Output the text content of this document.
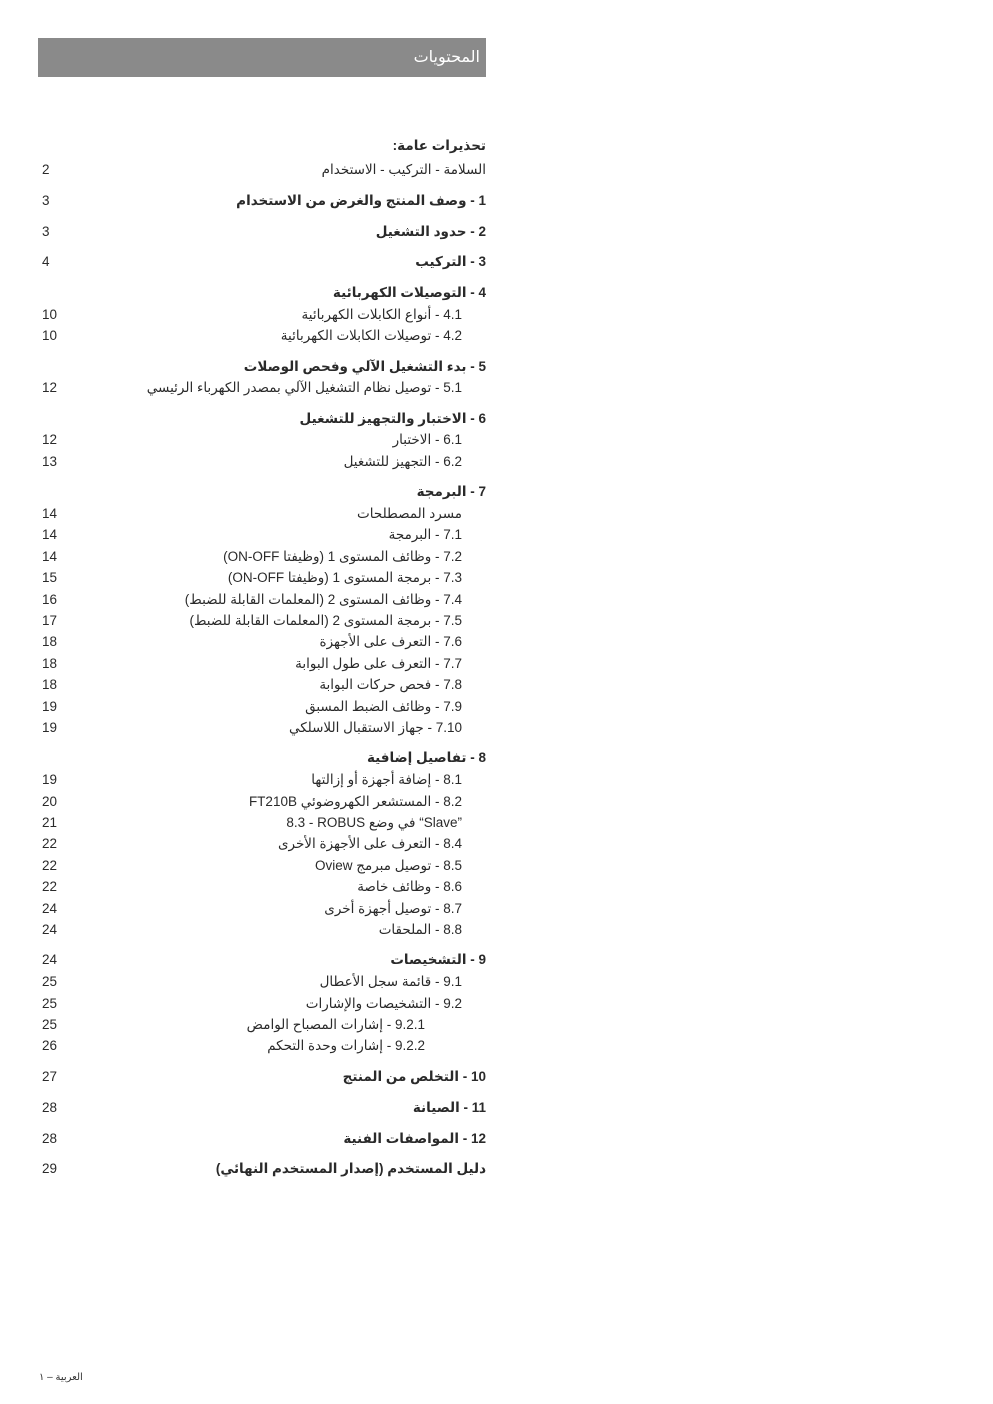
المحتويات
تحذيرات عامة:
السلامة - التركيب - الاستخدام
2
1 - وصف المنتج والغرض من الاستخدام
3
2 - حدود التشغيل
3
3 - التركيب
4
4 - التوصيلات الكهربائية
4.1 - أنواع الكابلات الكهربائية
10
4.2 - توصيلات الكابلات الكهربائية
10
5 - بدء التشغيل الآلي وفحص الوصلات
5.1 - توصيل نظام التشغيل الآلي بمصدر الكهرباء الرئيسي
12
6 - الاختبار والتجهيز للتشغيل
6.1 - الاختبار
12
6.2 - التجهيز للتشغيل
13
7 - البرمجة
مسرد المصطلحات
14
7.1 - البرمجة
14
7.2 - وظائف المستوى 1 (وظيفتا ON-OFF)
14
7.3 - برمجة المستوى 1 (وظيفتا ON-OFF)
15
7.4 - وظائف المستوى 2 (المعلمات القابلة للضبط)
16
7.5 - برمجة المستوى 2 (المعلمات القابلة للضبط)
17
7.6 - التعرف على الأجهزة
18
7.7 - التعرف على طول البوابة
18
7.8 - فحص حركات البوابة
18
7.9 - وظائف الضبط المسبق
19
7.10 - جهاز الاستقبال اللاسلكي
19
8 - تفاصيل إضافية
8.1 - إضافة أجهزة أو إزالتها
19
8.2 - المستشعر الكهروضوئي FT210B
20
8.3 - ROBUS في وضع “Slave”
21
8.4 - التعرف على الأجهزة الأخرى
22
8.5 - توصيل مبرمج Oview
22
8.6 - وظائف خاصة
22
8.7 - توصيل أجهزة أخرى
24
8.8 - الملحقات
24
9 - التشخيصات
24
9.1 - قائمة سجل الأعطال
25
9.2 - التشخيصات والإشارات
25
9.2.1 - إشارات المصباح الوامض
25
9.2.2 - إشارات وحدة التحكم
26
10 - التخلص من المنتج
27
11 - الصيانة
28
12 - المواصفات الفنية
28
دليل المستخدم (إصدار المستخدم النهائي)
29
العربية – ١
